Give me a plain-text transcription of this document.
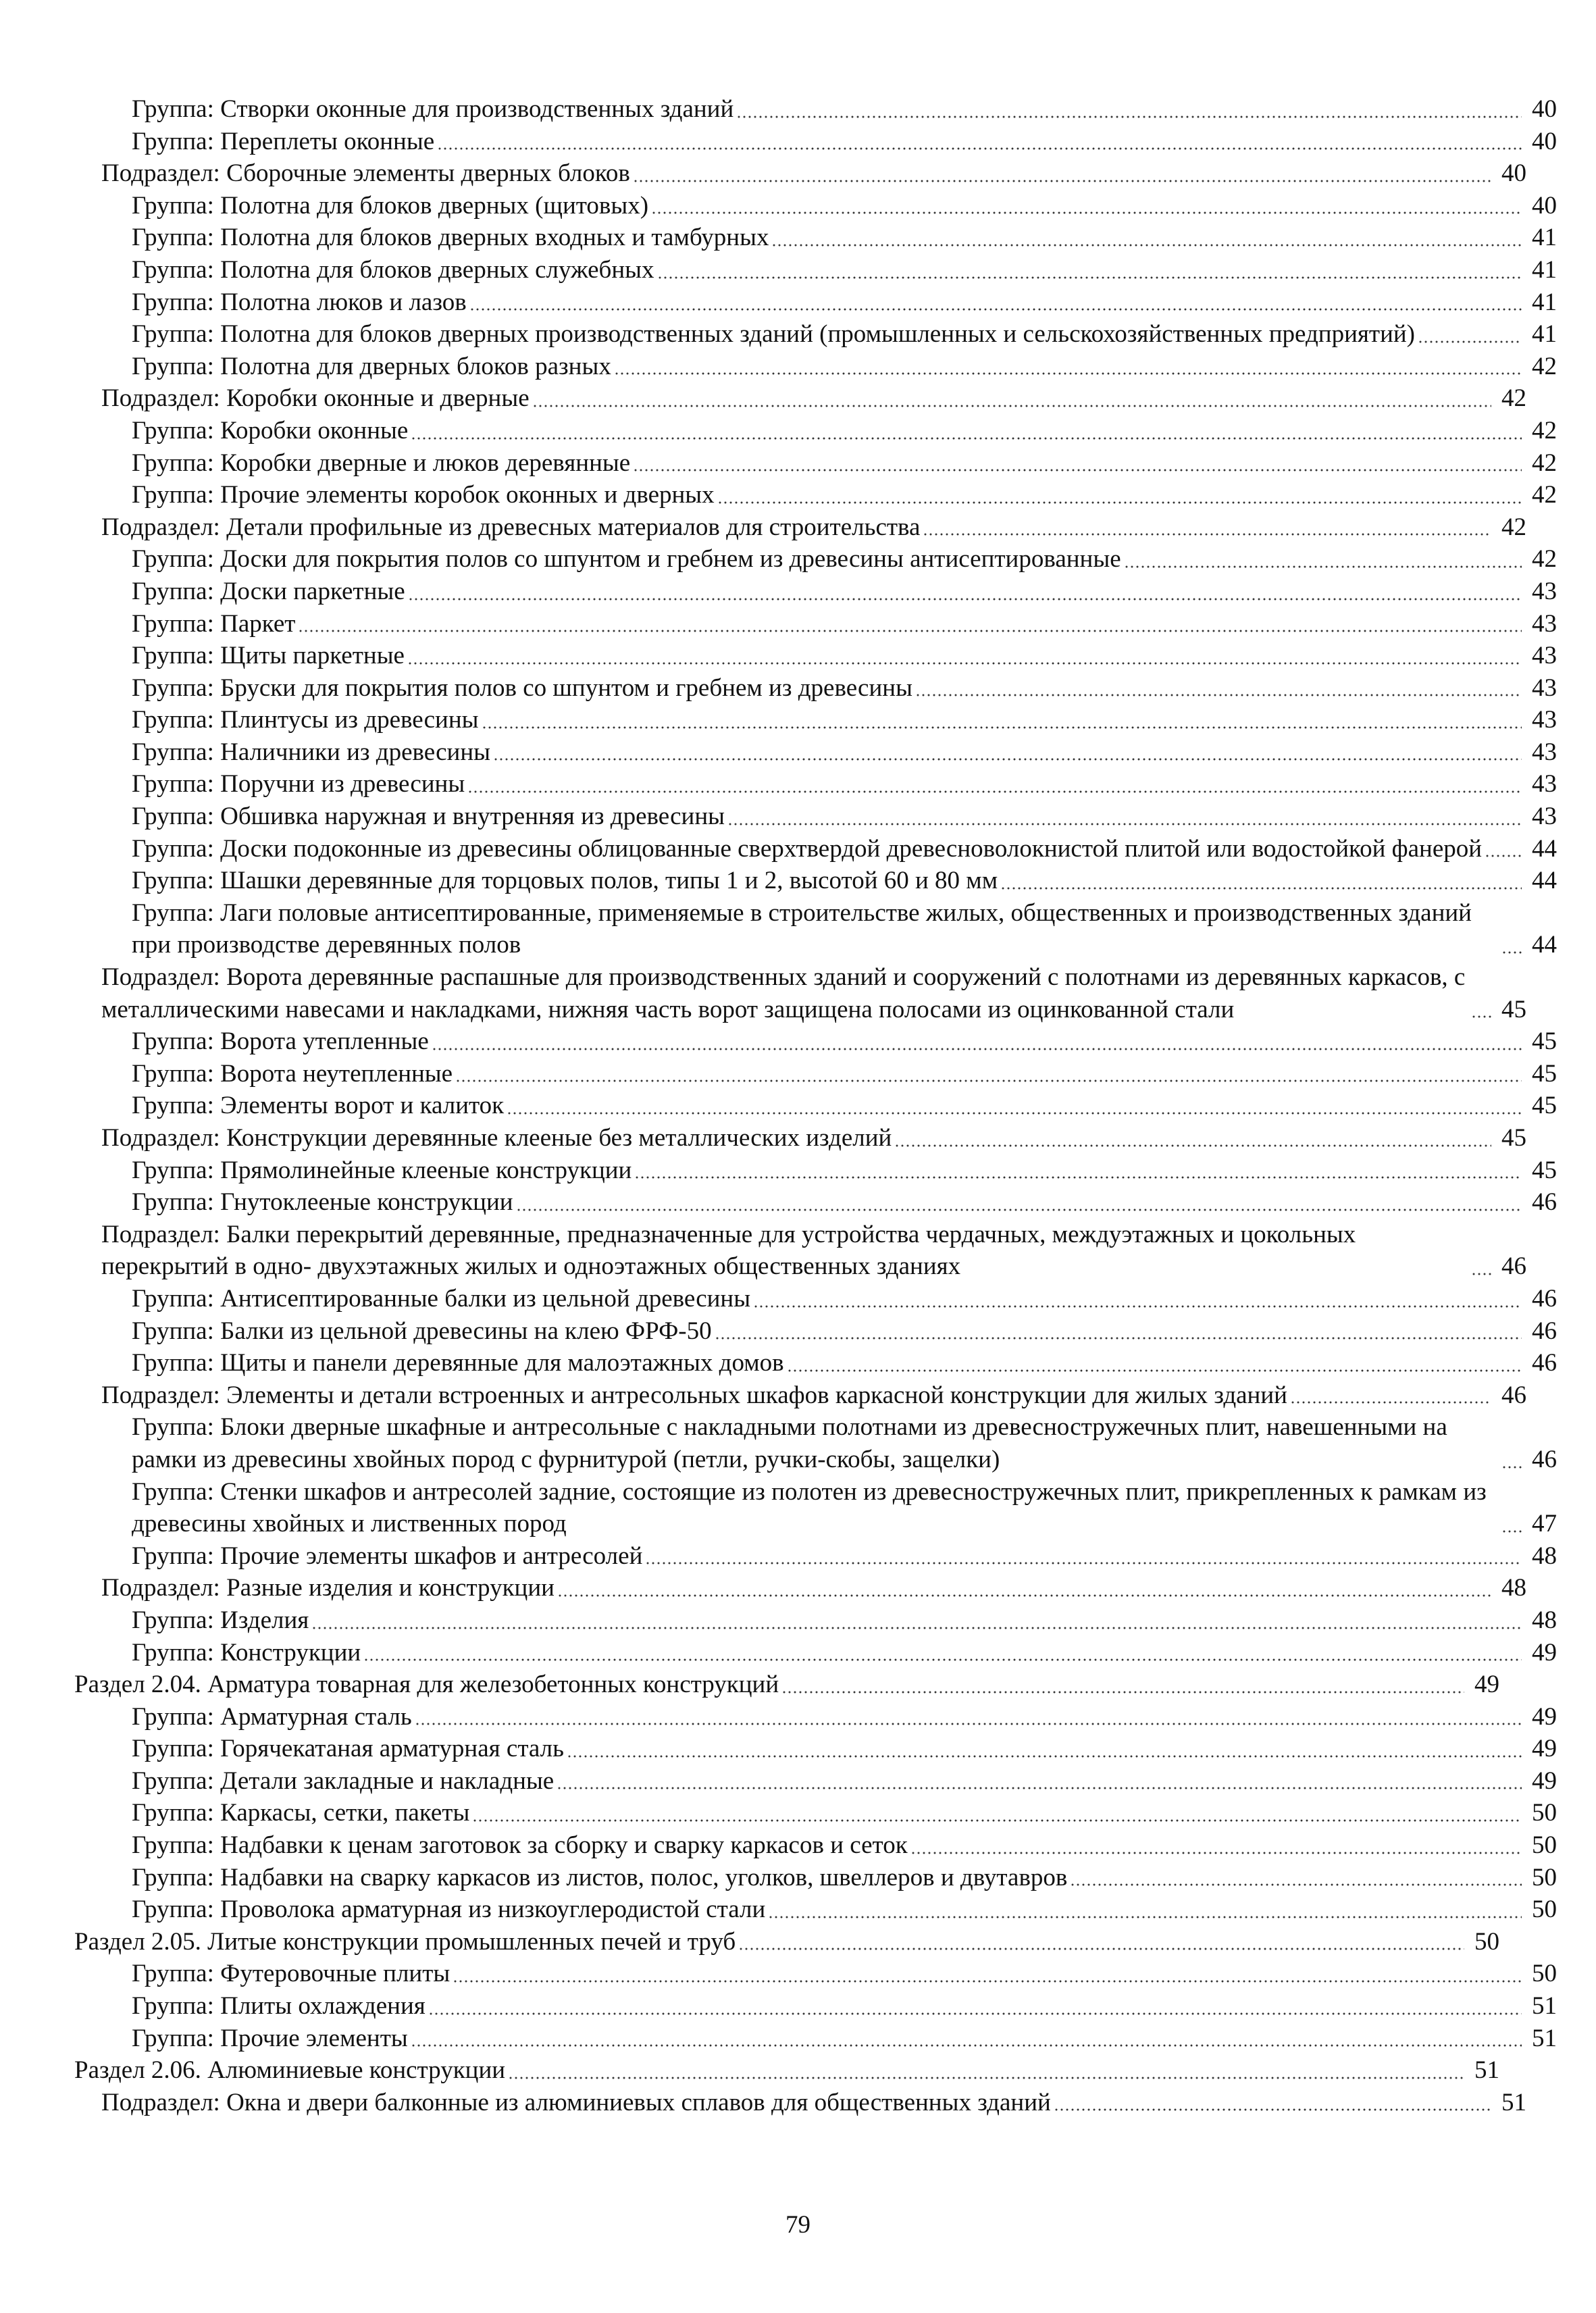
Группа: Створки оконные для производственных зданий	40
Группа: Переплеты оконные	40
Подраздел: Сборочные элементы дверных блоков	40
Группа: Полотна для блоков дверных (щитовых)	40
Группа: Полотна для блоков дверных входных и тамбурных	41
Группа: Полотна для блоков дверных служебных	41
Группа: Полотна люков и лазов	41
Группа: Полотна для блоков дверных производственных зданий (промышленных и сельскохозяйственных предприятий)	41
Группа: Полотна для дверных блоков разных	42
Подраздел: Коробки оконные и дверные	42
Группа: Коробки оконные	42
Группа: Коробки дверные и люков деревянные	42
Группа: Прочие элементы коробок оконных и дверных	42
Подраздел: Детали профильные из древесных материалов для строительства	42
Группа: Доски для покрытия полов со шпунтом и гребнем из древесины антисептированные	42
Группа: Доски паркетные	43
Группа: Паркет	43
Группа: Щиты паркетные	43
Группа: Бруски для покрытия полов со шпунтом и гребнем из древесины	43
Группа: Плинтусы из древесины	43
Группа: Наличники из древесины	43
Группа: Поручни из древесины	43
Группа: Обшивка наружная и внутренняя из древесины	43
Группа: Доски подоконные из древесины облицованные сверхтвердой древесноволокнистой плитой или водостойкой фанерой 44
Группа: Шашки деревянные для торцовых полов, типы 1 и 2, высотой 60 и 80 мм	44
Группа: Лаги половые антисептированные, применяемые в строительстве жилых, общественных и производственных зданий при производстве деревянных полов	44
Подраздел: Ворота деревянные распашные для производственных зданий и сооружений с полотнами из деревянных каркасов, с металлическими навесами и накладками, нижняя часть ворот защищена полосами из оцинкованной стали	45
Группа: Ворота утепленные	45
Группа: Ворота неутепленные	45
Группа: Элементы ворот и калиток	45
Подраздел: Конструкции деревянные клееные без металлических изделий	45
Группа: Прямолинейные клееные конструкции	45
Группа: Гнутоклееные конструкции	46
Подраздел: Балки перекрытий деревянные, предназначенные для устройства чердачных, междуэтажных и цокольных перекрытий в одно- двухэтажных жилых и одноэтажных общественных зданиях	46
Группа: Антисептированные балки из цельной древесины	46
Группа: Балки из цельной древесины на клею ФРФ-50	46
Группа: Щиты и панели деревянные для малоэтажных домов	46
Подраздел: Элементы и детали встроенных и антресольных шкафов каркасной конструкции для жилых зданий	46
Группа: Блоки дверные шкафные и антресольные с накладными полотнами из древесностружечных плит, навешенными на рамки из древесины хвойных пород с фурнитурой (петли, ручки-скобы, защелки)	46
Группа: Стенки шкафов и антресолей задние, состоящие из полотен из древесностружечных плит, прикрепленных к рамкам из древесины хвойных и лиственных пород	47
Группа: Прочие элементы шкафов и антресолей	48
Подраздел: Разные изделия и конструкции	48
Группа: Изделия	48
Группа: Конструкции	49
Раздел 2.04. Арматура товарная для железобетонных конструкций	49
Группа: Арматурная сталь	49
Группа: Горячекатаная арматурная сталь	49
Группа: Детали закладные и накладные	49
Группа: Каркасы, сетки, пакеты	50
Группа: Надбавки к ценам заготовок за сборку и сварку каркасов и сеток	50
Группа: Надбавки на сварку каркасов из листов, полос, уголков, швеллеров и двутавров	50
Группа: Проволока арматурная из низкоуглеродистой стали	50
Раздел 2.05. Литые конструкции промышленных печей и труб	50
Группа: Футеровочные плиты	50
Группа: Плиты охлаждения	51
Группа: Прочие элементы	51
Раздел 2.06. Алюминиевые конструкции	51
Подраздел: Окна и двери балконные из алюминиевых сплавов для общественных зданий	51
79
